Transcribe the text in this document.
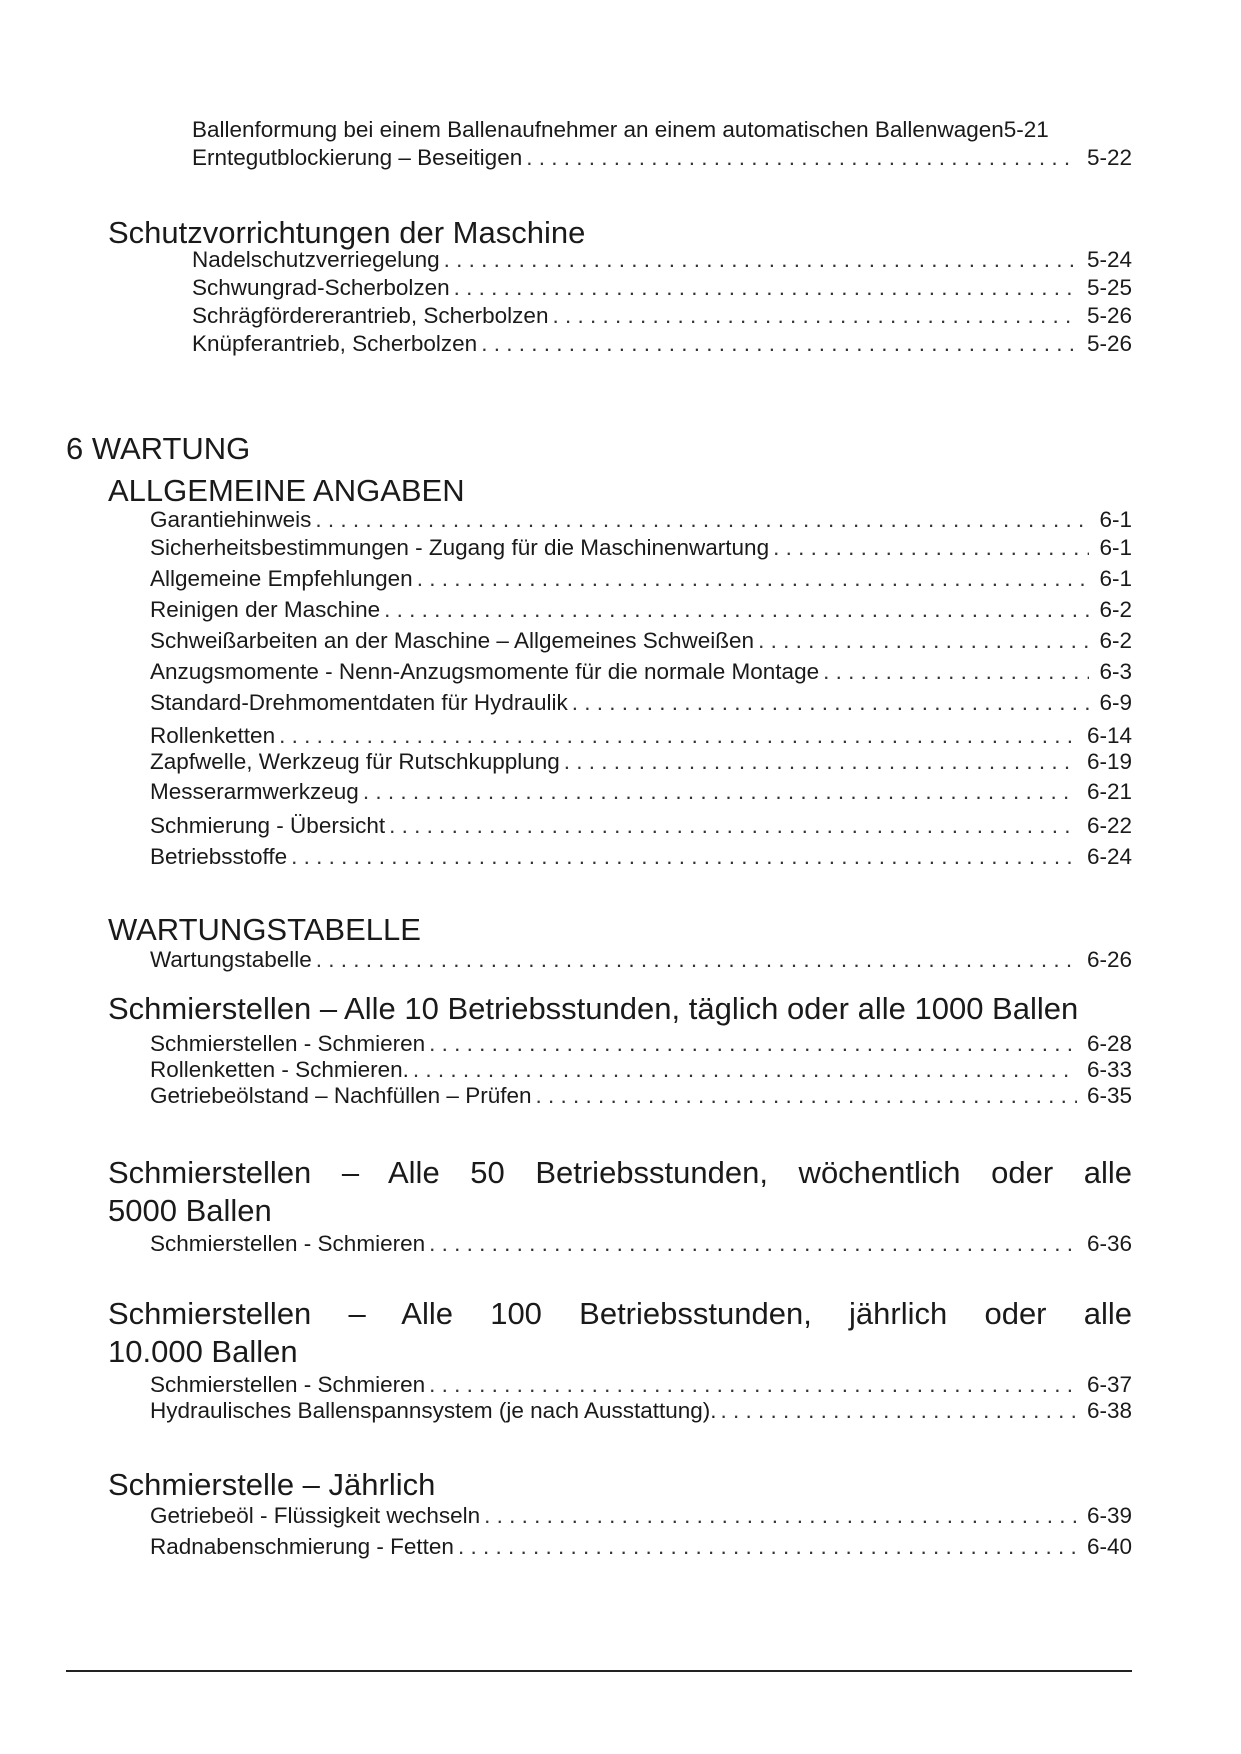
Ballenformung bei einem Ballenaufnehmer an einem automatischen Ballenwagen 5-21
Erntegutblockierung – Beseitigen . . .	5-22
Schutzvorrichtungen der Maschine
Nadelschutzverriegelung . . .	5-24
Schwungrad-Scherbolzen . . .	5-25
Schrägfördererantrieb, Scherbolzen . . .	5-26
Knüpferantrieb, Scherbolzen . . .	5-26
6 WARTUNG
ALLGEMEINE ANGABEN
Garantiehinweis . . .	6-1
Sicherheitsbestimmungen - Zugang für die Maschinenwartung . . .	6-1
Allgemeine Empfehlungen . . .	6-1
Reinigen der Maschine . . .	6-2
Schweißarbeiten an der Maschine – Allgemeines Schweißen . . .	6-2
Anzugsmomente - Nenn-Anzugsmomente für die normale Montage . . .	6-3
Standard-Drehmomentdaten für Hydraulik . . .	6-9
Rollenketten . . .	6-14
Zapfwelle, Werkzeug für Rutschkupplung . . .	6-19
Messerarmwerkzeug . . .	6-21
Schmierung - Übersicht . . .	6-22
Betriebsstoffe . . .	6-24
WARTUNGSTABELLE
Wartungstabelle . . .	6-26
Schmierstellen – Alle 10 Betriebsstunden, täglich oder alle 1000 Ballen
Schmierstellen - Schmieren . . .	6-28
Rollenketten - Schmieren. . . .	6-33
Getriebeölstand – Nachfüllen – Prüfen . . .	6-35
Schmierstellen – Alle 50 Betriebsstunden, wöchentlich oder alle
5000 Ballen
Schmierstellen - Schmieren . . .	6-36
Schmierstellen – Alle 100 Betriebsstunden, jährlich oder alle
10.000 Ballen
Schmierstellen - Schmieren . . .	6-37
Hydraulisches Ballenspannsystem (je nach Ausstattung). . . .	6-38
Schmierstelle – Jährlich
Getriebeöl - Flüssigkeit wechseln . . .	6-39
Radnabenschmierung - Fetten . . .	6-40
